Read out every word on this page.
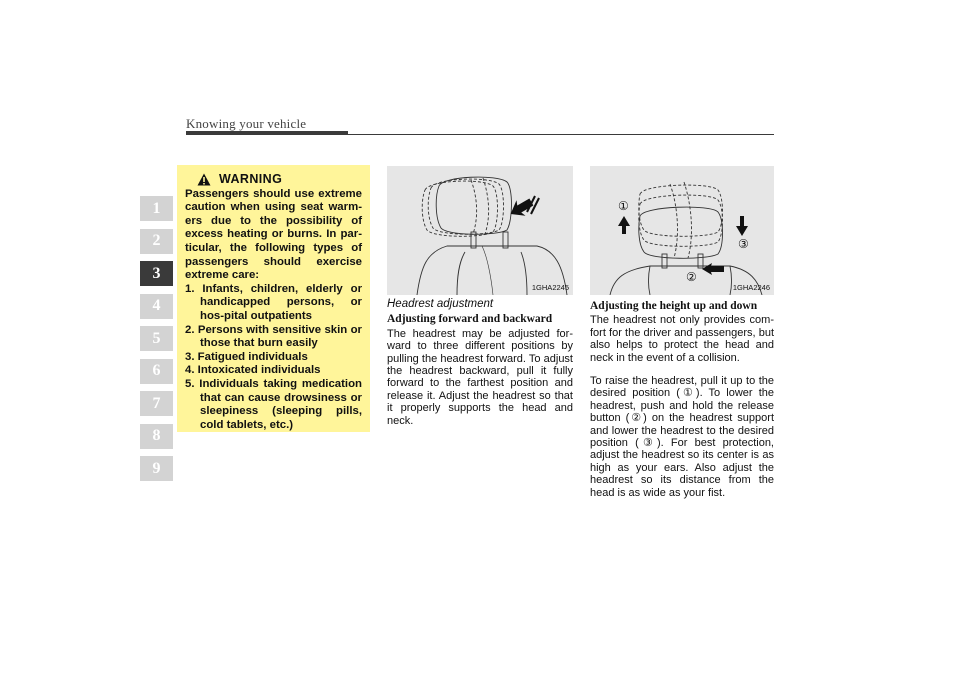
Knowing your vehicle
1
2
3
4
5
6
7
8
9
WARNING
Passengers should use extreme caution when using seat warm-ers due to the possibility of excess heating or burns. In par-ticular, the following types of passengers should exercise extreme care:
1. Infants, children, elderly or handicapped persons, or hos-pital outpatients
2. Persons with sensitive skin or those that burn easily
3. Fatigued individuals
4. Intoxicated individuals
5. Individuals taking medication that can cause drowsiness or sleepiness (sleeping pills, cold tablets, etc.)
1GHA2245
①
②
③
1GHA2246
Headrest adjustment
Adjusting forward and backward

The headrest may be adjusted for-ward to three different positions by pulling the headrest forward. To adjust the headrest backward, pull it fully forward to the farthest position and release it. Adjust the headrest so that it properly supports the head and neck.

Adjusting the height up and down

The headrest not only provides com-fort for the driver and passengers, but also helps to protect the head and neck in the event of a collision.

To raise the headrest, pull it up to the desired position (①). To lower the headrest, push and hold the release button (②) on the headrest support and lower the headrest to the desired position (③). For best protection, adjust the headrest so its center is as high as your ears. Also adjust the headrest so its distance from the head is as wide as your fist.
